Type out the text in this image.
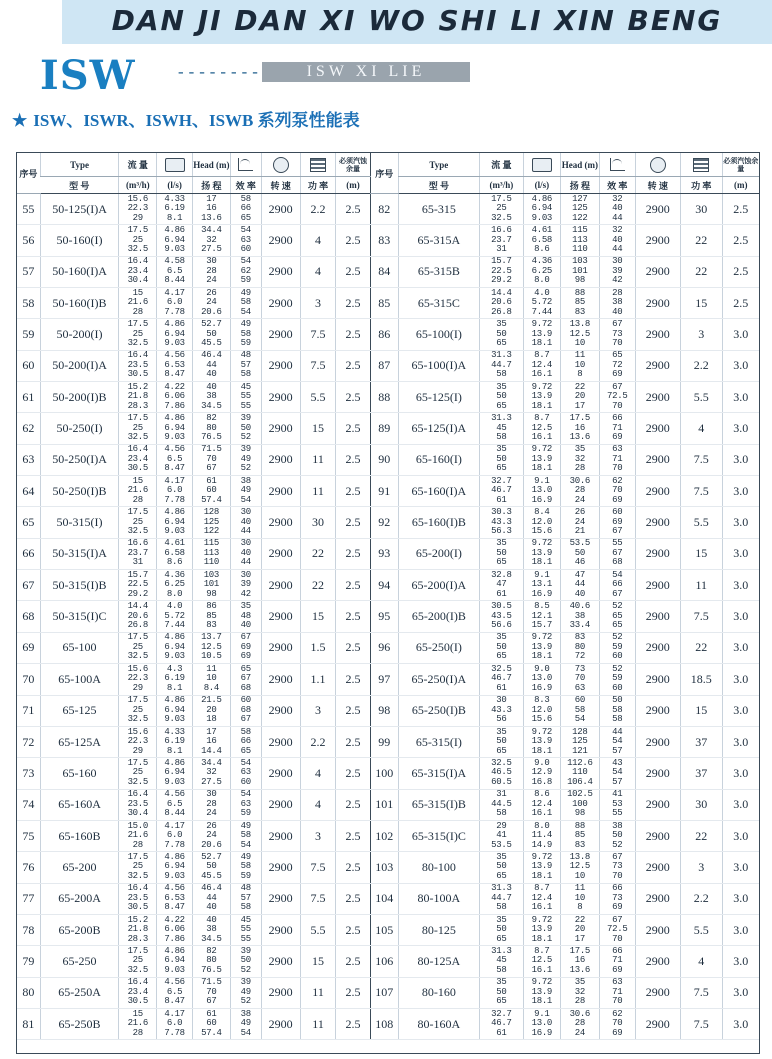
DAN JI DAN XI WO SHI LI XIN BENG
ISW	--------	ISW XI LIE
★ ISW、ISWR、ISWH、ISWB 系列泵性能表
序号	Type	流 量		Head (m)				必须汽蚀余量	序号	Type	流 量		Head (m)				必须汽蚀余量
	型 号	(m³/h)	(l/s)	扬 程	效 率	转 速	功 率	(m)		型 号	(m³/h)	(l/s)	扬 程	效 率	转 速	功 率	(m)
55	50-125(I)A	15.6
22.3
29	4.33
6.19
8.1	17
16
13.6	58
66
65	2900	2.2	2.5	82	65-315	17.5
25
32.5	4.86
6.94
9.03	127
125
122	32
40
44	2900	30	2.5
56	50-160(I)	17.5
25
32.5	4.86
6.94
9.03	34.4
32
27.5	54
63
60	2900	4	2.5	83	65-315A	16.6
23.7
31	4.61
6.58
8.6	115
113
110	32
40
44	2900	22	2.5
57	50-160(I)A	16.4
23.4
30.4	4.58
6.5
8.44	30
28
24	54
62
59	2900	4	2.5	84	65-315B	15.7
22.5
29.2	4.36
6.25
8.0	103
101
98	30
39
42	2900	22	2.5
58	50-160(I)B	15
21.6
28	4.17
6.0
7.78	26
24
20.6	49
58
54	2900	3	2.5	85	65-315C	14.4
20.6
26.8	4.0
5.72
7.44	88
85
83	28
38
40	2900	15	2.5
59	50-200(I)	17.5
25
32.5	4.86
6.94
9.03	52.7
50
45.5	49
58
59	2900	7.5	2.5	86	65-100(I)	35
50
65	9.72
13.9
18.1	13.8
12.5
10	67
73
70	2900	3	3.0
60	50-200(I)A	16.4
23.5
30.5	4.56
6.53
8.47	46.4
44
40	48
57
58	2900	7.5	2.5	87	65-100(I)A	31.3
44.7
58	8.7
12.4
16.1	11
10
8	65
72
69	2900	2.2	3.0
61	50-200(I)B	15.2
21.8
28.3	4.22
6.06
7.86	40
38
34.5	45
55
55	2900	5.5	2.5	88	65-125(I)	35
50
65	9.72
13.9
18.1	22
20
17	67
72.5
70	2900	5.5	3.0
62	50-250(I)	17.5
25
32.5	4.86
6.94
9.03	82
80
76.5	39
50
52	2900	15	2.5	89	65-125(I)A	31.3
45
58	8.7
12.5
16.1	17.5
16
13.6	66
71
69	2900	4	3.0
63	50-250(I)A	16.4
23.4
30.5	4.56
6.5
8.47	71.5
70
67	39
49
52	2900	11	2.5	90	65-160(I)	35
50
65	9.72
13.9
18.1	35
32
28	63
71
70	2900	7.5	3.0
64	50-250(I)B	15
21.6
28	4.17
6.0
7.78	61
60
57.4	38
49
54	2900	11	2.5	91	65-160(I)A	32.7
46.7
61	9.1
13.0
16.9	30.6
28
24	62
70
69	2900	7.5	3.0
65	50-315(I)	17.5
25
32.5	4.86
6.94
9.03	128
125
122	30
40
44	2900	30	2.5	92	65-160(I)B	30.3
43.3
56.3	8.4
12.0
15.6	26
24
21	60
69
67	2900	5.5	3.0
66	50-315(I)A	16.6
23.7
31	4.61
6.58
8.6	115
113
110	30
40
44	2900	22	2.5	93	65-200(I)	35
50
65	9.72
13.9
18.1	53.5
50
46	55
67
68	2900	15	3.0
67	50-315(I)B	15.7
22.5
29.2	4.36
6.25
8.0	103
101
98	30
39
42	2900	22	2.5	94	65-200(I)A	32.8
47
61	9.1
13.1
16.9	47
44
40	54
66
67	2900	11	3.0
68	50-315(I)C	14.4
20.6
26.8	4.0
5.72
7.44	86
85
83	35
48
40	2900	15	2.5	95	65-200(I)B	30.5
43.5
56.6	8.5
12.1
15.7	40.6
38
33.4	52
65
65	2900	7.5	3.0
69	65-100	17.5
25
32.5	4.86
6.94
9.03	13.7
12.5
10.5	67
69
69	2900	1.5	2.5	96	65-250(I)	35
50
65	9.72
13.9
18.1	83
80
72	52
59
60	2900	22	3.0
70	65-100A	15.6
22.3
29	4.3
6.19
8.1	11
10
8.4	65
67
68	2900	1.1	2.5	97	65-250(I)A	32.5
46.7
61	9.0
13.0
16.9	73
70
63	52
59
60	2900	18.5	3.0
71	65-125	17.5
25
32.5	4.86
6.94
9.03	21.5
20
18	60
68
67	2900	3	2.5	98	65-250(I)B	30
43.3
56	8.3
12.0
15.6	60
58
54	50
58
58	2900	15	3.0
72	65-125A	15.6
22.3
29	4.33
6.19
8.1	17
16
14.4	58
66
65	2900	2.2	2.5	99	65-315(I)	35
50
65	9.72
13.9
18.1	128
125
121	44
54
57	2900	37	3.0
73	65-160	17.5
25
32.5	4.86
6.94
9.03	34.4
32
27.5	54
63
60	2900	4	2.5	100	65-315(I)A	32.5
46.5
60.5	9.0
12.9
16.8	112.6
110
106.4	43
54
57	2900	37	3.0
74	65-160A	16.4
23.5
30.4	4.56
6.5
8.44	30
28
24	54
63
59	2900	4	2.5	101	65-315(I)B	31
44.5
58	8.6
12.4
16.1	102.5
100
98	41
53
55	2900	30	3.0
75	65-160B	15.0
21.6
28	4.17
6.0
7.78	26
24
20.6	49
58
54	2900	3	2.5	102	65-315(I)C	29
41
53.5	8.0
11.4
14.9	88
85
83	38
50
52	2900	22	3.0
76	65-200	17.5
25
32.5	4.86
6.94
9.03	52.7
50
45.5	49
58
59	2900	7.5	2.5	103	80-100	35
50
65	9.72
13.9
18.1	13.8
12.5
10	67
73
70	2900	3	3.0
77	65-200A	16.4
23.5
30.5	4.56
6.53
8.47	46.4
44
40	48
57
58	2900	7.5	2.5	104	80-100A	31.3
44.7
58	8.7
12.4
16.1	11
10
8	66
73
69	2900	2.2	3.0
78	65-200B	15.2
21.8
28.3	4.22
6.06
7.86	40
38
34.5	45
55
55	2900	5.5	2.5	105	80-125	35
50
65	9.72
13.9
18.1	22
20
17	67
72.5
70	2900	5.5	3.0
79	65-250	17.5
25
32.5	4.86
6.94
9.03	82
80
76.5	39
50
52	2900	15	2.5	106	80-125A	31.3
45
58	8.7
12.5
16.1	17.5
16
13.6	66
71
69	2900	4	3.0
80	65-250A	16.4
23.4
30.5	4.56
6.5
8.47	71.5
70
67	39
49
52	2900	11	2.5	107	80-160	35
50
65	9.72
13.9
18.1	35
32
28	63
71
70	2900	7.5	3.0
81	65-250B	15
21.6
28	4.17
6.0
7.78	61
60
57.4	38
49
54	2900	11	2.5	108	80-160A	32.7
46.7
61	9.1
13.0
16.9	30.6
28
24	62
70
69	2900	7.5	3.0
